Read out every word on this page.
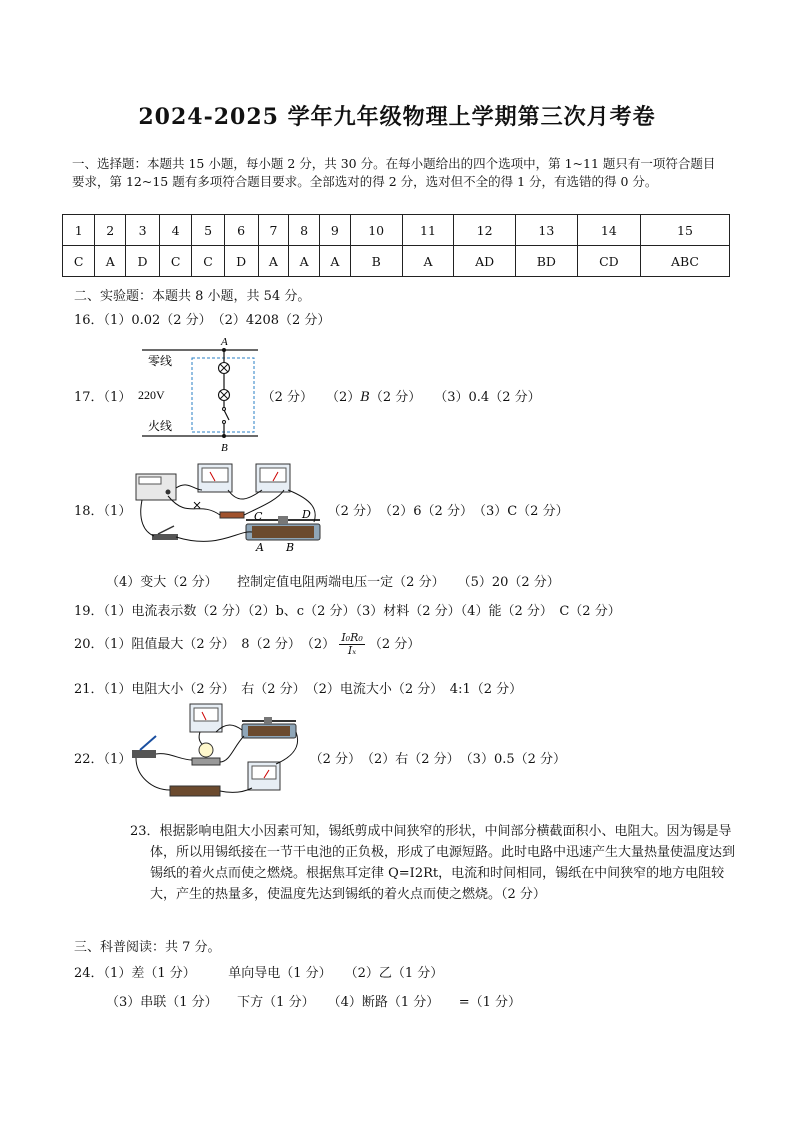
2024-2025 学年九年级物理上学期第三次月考卷
一、选择题：本题共 15 小题，每小题 2 分，共 30 分。在每小题给出的四个选项中，第 1~11 题只有一项符合题目要求，第 12~15 题有多项符合题目要求。全部选对的得 2 分，选对但不全的得 1 分，有选错的得 0 分。
1	2	3	4	5	6	7	8	9	10	11	12	13	14	15
C	A	D	C	C	D	A	A	A	B	A	AD	BD	CD	ABC
二、实验题：本题共 8 小题，共 54 分。
16．（1）0.02（2 分）　（2）4208（2 分）
17．（1）	（2 分）　　（2）B（2 分）　　（3）0.4（2 分）
零线
火线
220V
A
B
18．（1）	（2 分）　（2）6（2 分）　（3）C（2 分）
×
C	D
A B
（4）变大（2 分）　　控制定值电阻两端电压一定（2 分）　　（5）20（2 分）
19．（1）电流表示数（2 分）（2）b、c（2 分）（3）材料（2 分）（4）能（2 分）　C（2 分）
20．（1）阻值最大（2 分）　8（2 分）　$(2) \frac{\text{I₀R₀}}{\text{Iₓ}} (2$ 分）
21．（1）电阻大小（2 分）　右（2 分）　（2）电流大小（2 分）　4:1（2 分）
22．（1）	（2 分）　（2）右（2 分）　（3）0.5（2 分）
23．根据影响电阻大小因素可知，锡纸剪成中间狭窄的形状，中间部分横截面积小、电阻大。因为锡是导体，所以用锡纸接在一节干电池的正负极，形成了电源短路。此时电路中迅速产生大量热量使温度达到锡纸的着火点而使之燃烧。根据焦耳定律 Q=I2Rt，电流和时间相同，锡纸在中间狭窄的地方电阻较大，产生的热量多，使温度先达到锡纸的着火点而使之燃烧。（2 分）
三、科普阅读：共 7 分。
24．（1）差（1 分）　　　单向导电（1 分）　　（2）乙（1 分）
（3）串联（1 分）　　下方（1 分）　　（4）断路（1 分）　　=（1 分）
